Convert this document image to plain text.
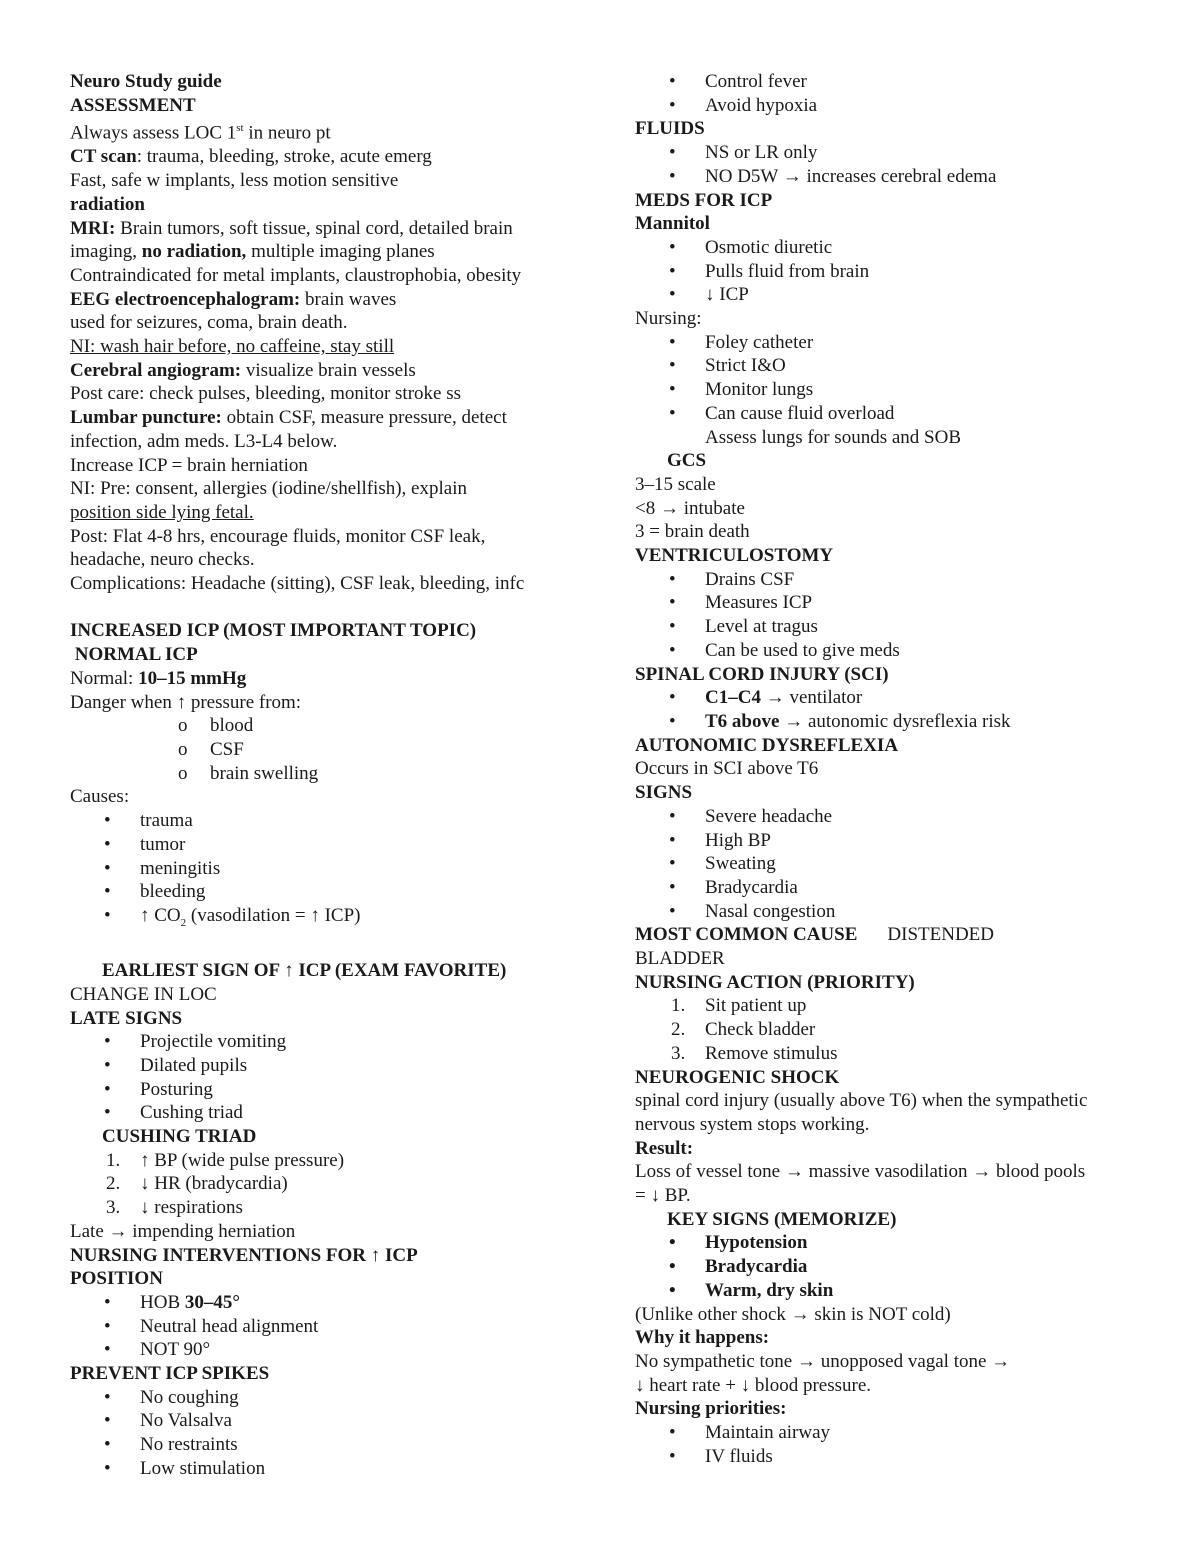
Neuro Study guide
ASSESSMENT
Always assess LOC 1st in neuro pt
CT scan: trauma, bleeding, stroke, acute emerg
Fast, safe w implants, less motion sensitive
radiation
MRI: Brain tumors, soft tissue, spinal cord, detailed brain
imaging, no radiation, multiple imaging planes
Contraindicated for metal implants, claustrophobia, obesity
EEG electroencephalogram: brain waves
used for seizures, coma, brain death.
NI: wash hair before, no caffeine, stay still
Cerebral angiogram: visualize brain vessels
Post care: check pulses, bleeding, monitor stroke ss
Lumbar puncture: obtain CSF, measure pressure, detect
infection, adm meds. L3-L4 below.
Increase ICP = brain herniation
NI: Pre: consent, allergies (iodine/shellfish), explain
position side lying fetal.
Post: Flat 4-8 hrs, encourage fluids, monitor CSF leak,
headache, neuro checks.
Complications: Headache (sitting), CSF leak, bleeding, infc
INCREASED ICP (MOST IMPORTANT TOPIC)
NORMAL ICP
Normal: 10–15 mmHg
Danger when ↑ pressure from:
o blood
o CSF
o brain swelling
Causes:
• trauma
• tumor
• meningitis
• bleeding
• ↑ $CO_2$ (vasodilation = ↑ ICP)
EARLIEST SIGN OF ↑ ICP (EXAM FAVORITE)
CHANGE IN LOC
LATE SIGNS
• Projectile vomiting
• Dilated pupils
• Posturing
• Cushing triad
CUSHING TRIAD
1. ↑ BP (wide pulse pressure)
2. ↓ HR (bradycardia)
3. ↓ respirations
Late → impending herniation
NURSING INTERVENTIONS FOR ↑ ICP
POSITION
• HOB 30–45°
• Neutral head alignment
• NOT 90°
PREVENT ICP SPIKES
• No coughing
• No Valsalva
• No restraints
• Low stimulation
• Control fever
• Avoid hypoxia
FLUIDS
• NS or LR only
• NO D5W → increases cerebral edema
MEDS FOR ICP
Mannitol
• Osmotic diuretic
• Pulls fluid from brain
• ↓ ICP
Nursing:
• Foley catheter
• Strict I&O
• Monitor lungs
• Can cause fluid overload
Assess lungs for sounds and SOB
GCS
3–15 scale
<8 → intubate
3 = brain death
VENTRICULOSTOMY
• Drains CSF
• Measures ICP
• Level at tragus
• Can be used to give meds
SPINAL CORD INJURY (SCI)
• C1–C4 → ventilator
• T6 above → autonomic dysreflexia risk
AUTONOMIC DYSREFLEXIA
Occurs in SCI above T6
SIGNS
• Severe headache
• High BP
• Sweating
• Bradycardia
• Nasal congestion
MOST COMMON CAUSE DISTENDED
BLADDER
NURSING ACTION (PRIORITY)
1. Sit patient up
2. Check bladder
3. Remove stimulus
NEUROGENIC SHOCK
spinal cord injury (usually above T6) when the sympathetic
nervous system stops working.
Result:
Loss of vessel tone → massive vasodilation → blood pools
= ↓ BP.
KEY SIGNS (MEMORIZE)
• Hypotension
• Bradycardia
• Warm, dry skin
(Unlike other shock → skin is NOT cold)
Why it happens:
No sympathetic tone → unopposed vagal tone →
↓ heart rate + ↓ blood pressure.
Nursing priorities:
• Maintain airway
• IV fluids
